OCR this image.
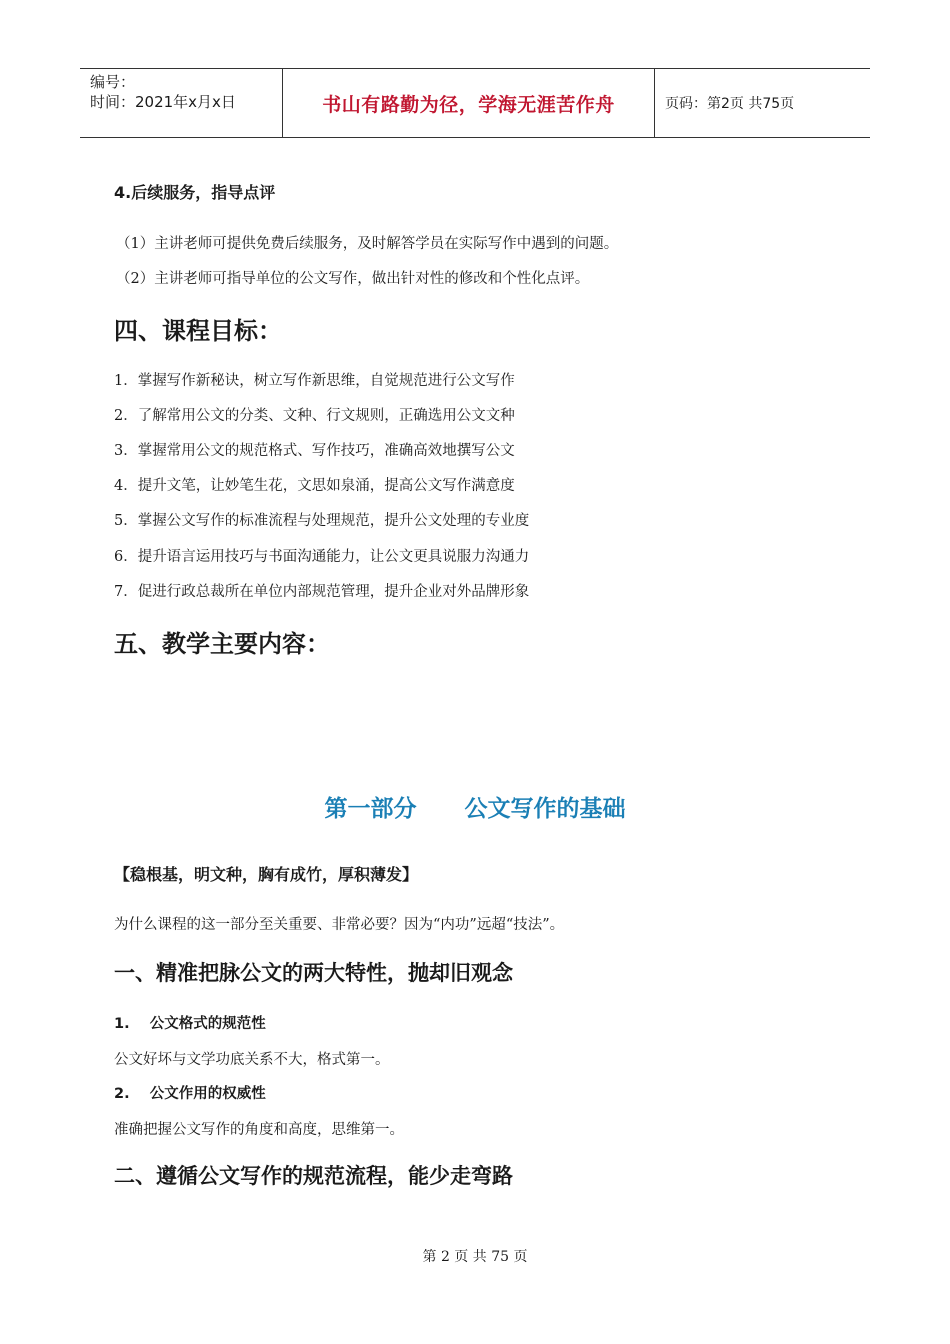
编号：
时间：2021年x月x日	书山有路勤为径，学海无涯苦作舟	页码：第2页 共75页
4.后续服务，指导点评
（1）主讲老师可提供免费后续服务，及时解答学员在实际写作中遇到的问题。
（2）主讲老师可指导单位的公文写作，做出针对性的修改和个性化点评。
四、课程目标：
1．掌握写作新秘诀，树立写作新思维，自觉规范进行公文写作
2．了解常用公文的分类、文种、行文规则，正确选用公文文种
3．掌握常用公文的规范格式、写作技巧，准确高效地撰写公文
4．提升文笔，让妙笔生花，文思如泉涌，提高公文写作满意度
5．掌握公文写作的标准流程与处理规范，提升公文处理的专业度
6．提升语言运用技巧与书面沟通能力，让公文更具说服力沟通力
7．促进行政总裁所在单位内部规范管理，提升企业对外品牌形象
五、教学主要内容：
第一部分      公文写作的基础
【稳根基，明文种，胸有成竹，厚积薄发】
为什么课程的这一部分至关重要、非常必要？因为“内功”远超“技法”。
一、精准把脉公文的两大特性，抛却旧观念
1.    公文格式的规范性
公文好坏与文学功底关系不大，格式第一。
2.    公文作用的权威性
准确把握公文写作的角度和高度，思维第一。
二、遵循公文写作的规范流程，能少走弯路
第 2 页 共 75 页
